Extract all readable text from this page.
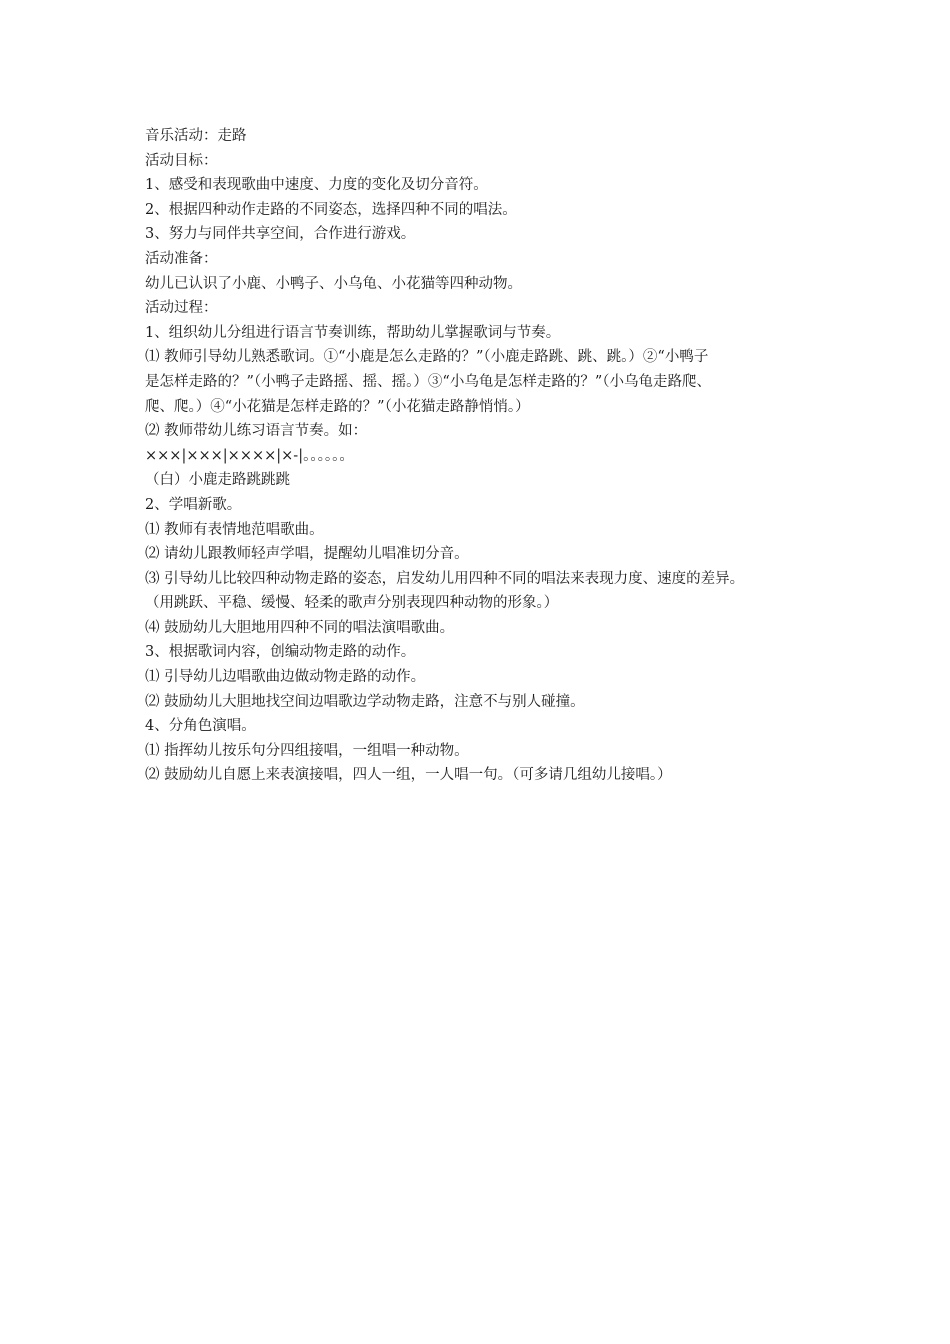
音乐活动：走路
活动目标：
1、感受和表现歌曲中速度、力度的变化及切分音符。
2、根据四种动作走路的不同姿态，选择四种不同的唱法。
3、努力与同伴共享空间，合作进行游戏。
活动准备：
幼儿已认识了小鹿、小鸭子、小乌龟、小花猫等四种动物。
活动过程：
1、组织幼儿分组进行语言节奏训练，帮助幼儿掌握歌词与节奏。
⑴ 教师引导幼儿熟悉歌词。①“小鹿是怎么走路的？”（小鹿走路跳、跳、跳。）②“小鸭子
是怎样走路的？”（小鸭子走路摇、摇、摇。）③“小乌龟是怎样走路的？”（小乌龟走路爬、
爬、爬。）④“小花猫是怎样走路的？”（小花猫走路静悄悄。）
⑵ 教师带幼儿练习语言节奏。如：
×××|×××|××××|×-|。。。。。。
（白）小鹿走路跳跳跳
2、学唱新歌。
⑴ 教师有表情地范唱歌曲。
⑵ 请幼儿跟教师轻声学唱，提醒幼儿唱准切分音。
⑶ 引导幼儿比较四种动物走路的姿态，启发幼儿用四种不同的唱法来表现力度、速度的差异。
（用跳跃、平稳、缓慢、轻柔的歌声分别表现四种动物的形象。）
⑷ 鼓励幼儿大胆地用四种不同的唱法演唱歌曲。
3、根据歌词内容，创编动物走路的动作。
⑴ 引导幼儿边唱歌曲边做动物走路的动作。
⑵ 鼓励幼儿大胆地找空间边唱歌边学动物走路，注意不与别人碰撞。
4、分角色演唱。
⑴ 指挥幼儿按乐句分四组接唱，一组唱一种动物。
⑵ 鼓励幼儿自愿上来表演接唱，四人一组，一人唱一句。（可多请几组幼儿接唱。）
